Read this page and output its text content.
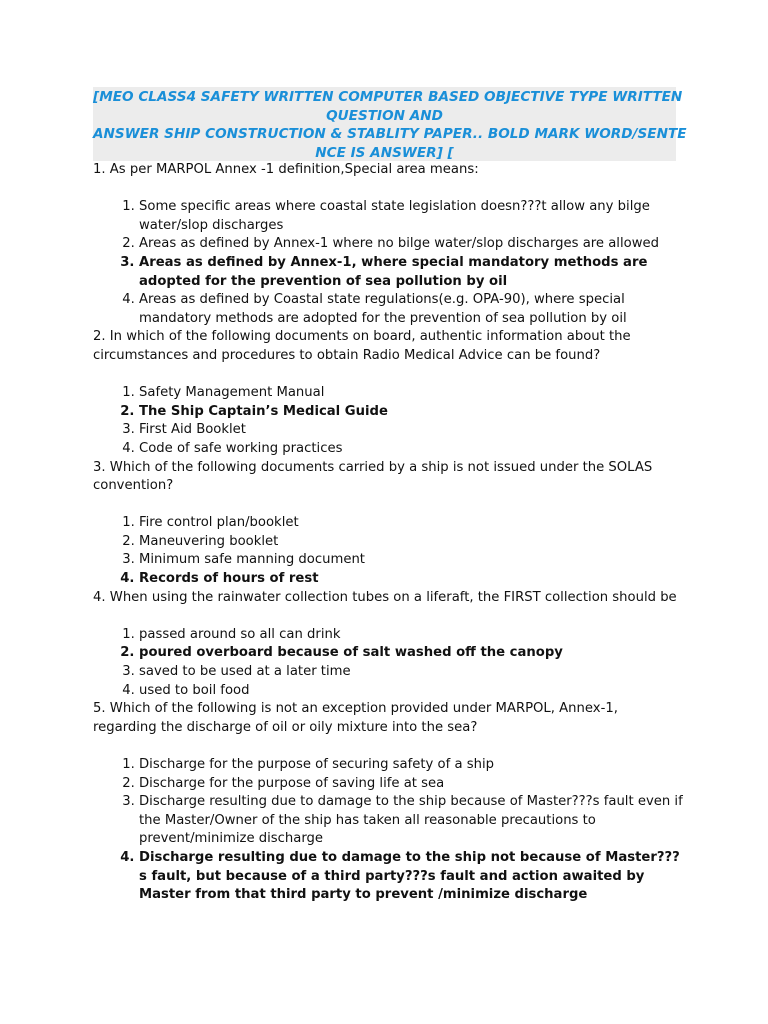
[MEO CLASS4 SAFETY WRITTEN COMPUTER BASED OBJECTIVE TYPE WRITTEN
QUESTION AND
ANSWER SHIP CONSTRUCTION & STABLITY PAPER.. BOLD MARK WORD/SENTE
NCE IS ANSWER] [

1. As per MARPOL Annex -1 definition,Special area means:

1. Some specific areas where coastal state legislation doesn???t allow any bilge water/slop discharges
2. Areas as defined by Annex-1 where no bilge water/slop discharges are allowed
3. Areas as defined by Annex-1, where special mandatory methods are adopted for the prevention of sea pollution by oil
4. Areas as defined by Coastal state regulations(e.g. OPA-90), where special mandatory methods are adopted for the prevention of sea pollution by oil

2. In which of the following documents on board, authentic information about the circumstances and procedures to obtain Radio Medical Advice can be found?

1. Safety Management Manual
2. The Ship Captain’s Medical Guide
3. First Aid Booklet
4. Code of safe working practices

3. Which of the following documents carried by a ship is not issued under the SOLAS convention?

1. Fire control plan/booklet
2. Maneuvering booklet
3. Minimum safe manning document
4. Records of hours of rest

4. When using the rainwater collection tubes on a liferaft, the FIRST collection should be

1. passed around so all can drink
2. poured overboard because of salt washed off the canopy
3. saved to be used at a later time
4. used to boil food

5. Which of the following is not an exception provided under MARPOL, Annex-1, regarding the discharge of oil or oily mixture into the sea?

1. Discharge for the purpose of securing safety of a ship
2. Discharge for the purpose of saving life at sea
3. Discharge resulting due to damage to the ship because of Master???s fault even if the Master/Owner of the ship has taken all reasonable precautions to prevent/minimize discharge
4. Discharge resulting due to damage to the ship not because of Master???s fault, but because of a third party???s fault and action awaited by Master from that third party to prevent /minimize discharge
